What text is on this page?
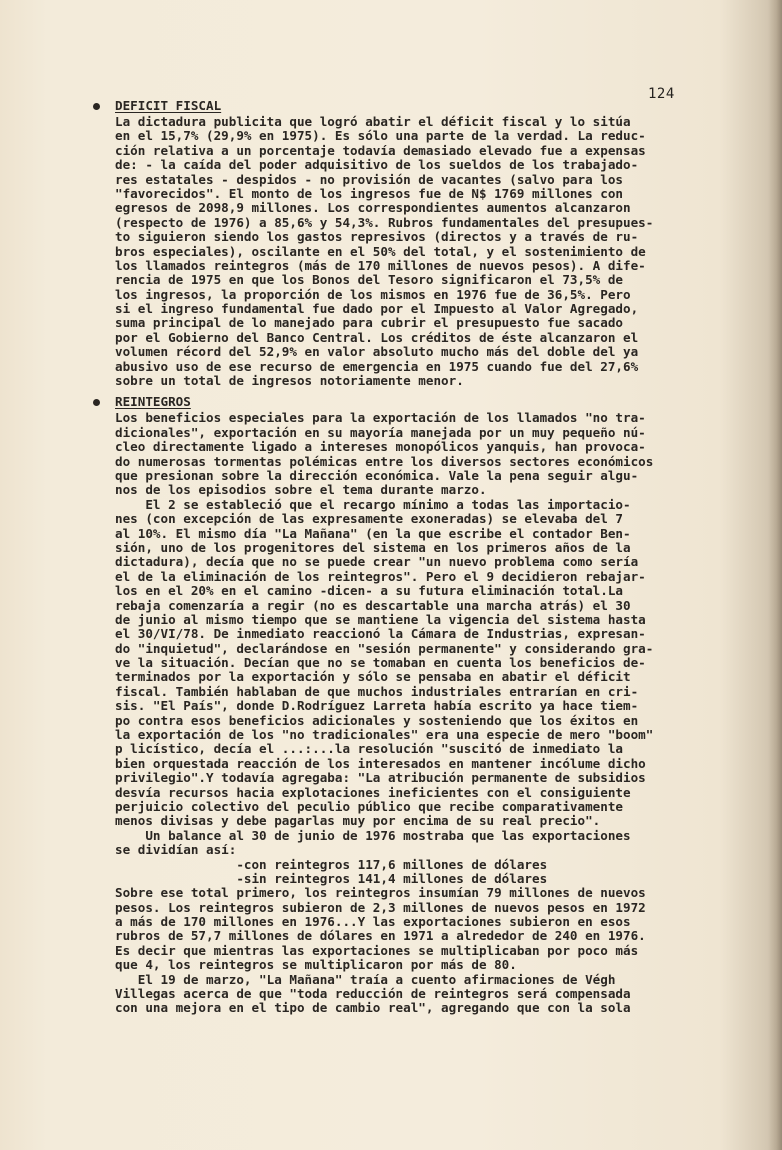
124
DEFICIT FISCAL
La dictadura publicita que logró abatir el déficit fiscal y lo sitúa
en el 15,7% (29,9% en 1975). Es sólo una parte de la verdad. La reduc-
ción relativa a un porcentaje todavía demasiado elevado fue a expensas
de: - la caída del poder adquisitivo de los sueldos de los trabajado-
res estatales - despidos - no provisión de vacantes (salvo para los
"favorecidos". El monto de los ingresos fue de N$ 1769 millones con
egresos de 2098,9 millones. Los correspondientes aumentos alcanzaron
(respecto de 1976) a 85,6% y 54,3%. Rubros fundamentales del presupues-
to siguieron siendo los gastos represivos (directos y a través de ru-
bros especiales), oscilante en el 50% del total, y el sostenimiento de
los llamados reintegros (más de 170 millones de nuevos pesos). A dife-
rencia de 1975 en que los Bonos del Tesoro significaron el 73,5% de
los ingresos, la proporción de los mismos en 1976 fue de 36,5%. Pero
si el ingreso fundamental fue dado por el Impuesto al Valor Agregado,
suma principal de lo manejado para cubrir el presupuesto fue sacado
por el Gobierno del Banco Central. Los créditos de éste alcanzaron el
volumen récord del 52,9% en valor absoluto mucho más del doble del ya
abusivo uso de ese recurso de emergencia en 1975 cuando fue del 27,6%
sobre un total de ingresos notoriamente menor.
REINTEGROS
Los beneficios especiales para la exportación de los llamados "no tra-
dicionales", exportación en su mayoría manejada por un muy pequeño nú-
cleo directamente ligado a intereses monopólicos yanquis, han provoca-
do numerosas tormentas polémicas entre los diversos sectores económicos
que presionan sobre la dirección económica. Vale la pena seguir algu-
nos de los episodios sobre el tema durante marzo.
El 2 se estableció que el recargo mínimo a todas las importacio-
nes (con excepción de las expresamente exoneradas) se elevaba del 7
al 10%. El mismo día "La Mañana" (en la que escribe el contador Ben-
sión, uno de los progenitores del sistema en los primeros años de la
dictadura), decía que no se puede crear "un nuevo problema como sería
el de la eliminación de los reintegros". Pero el 9 decidieron rebajar-
los en el 20% en el camino -dicen- a su futura eliminación total.La
rebaja comenzaría a regir (no es descartable una marcha atrás) el 30
de junio al mismo tiempo que se mantiene la vigencia del sistema hasta
el 30/VI/78. De inmediato reaccionó la Cámara de Industrias, expresan-
do "inquietud", declarándose en "sesión permanente" y considerando gra-
ve la situación. Decían que no se tomaban en cuenta los beneficios de-
terminados por la exportación y sólo se pensaba en abatir el déficit
fiscal. También hablaban de que muchos industriales entrarían en cri-
sis. "El País", donde D.Rodríguez Larreta había escrito ya hace tiem-
po contra esos beneficios adicionales y sosteniendo que los éxitos en
la exportación de los "no tradicionales" era una especie de mero "boom"
p licístico, decía el ...:...la resolución "suscitó de inmediato la
bien orquestada reacción de los interesados en mantener incólume dicho
privilegio".Y todavía agregaba: "La atribución permanente de subsidios
desvía recursos hacia explotaciones ineficientes con el consiguiente
perjuicio colectivo del peculio público que recibe comparativamente
menos divisas y debe pagarlas muy por encima de su real precio".
Un balance al 30 de junio de 1976 mostraba que las exportaciones
se dividían así:
-con reintegros 117,6 millones de dólares
-sin reintegros 141,4 millones de dólares
Sobre ese total primero, los reintegros insumían 79 millones de nuevos
pesos. Los reintegros subieron de 2,3 millones de nuevos pesos en 1972
a más de 170 millones en 1976...Y las exportaciones subieron en esos
rubros de 57,7 millones de dólares en 1971 a alrededor de 240 en 1976.
Es decir que mientras las exportaciones se multiplicaban por poco más
que 4, los reintegros se multiplicaron por más de 80.
El 19 de marzo, "La Mañana" traía a cuento afirmaciones de Végh
Villegas acerca de que "toda reducción de reintegros será compensada
con una mejora en el tipo de cambio real", agregando que con la sola
